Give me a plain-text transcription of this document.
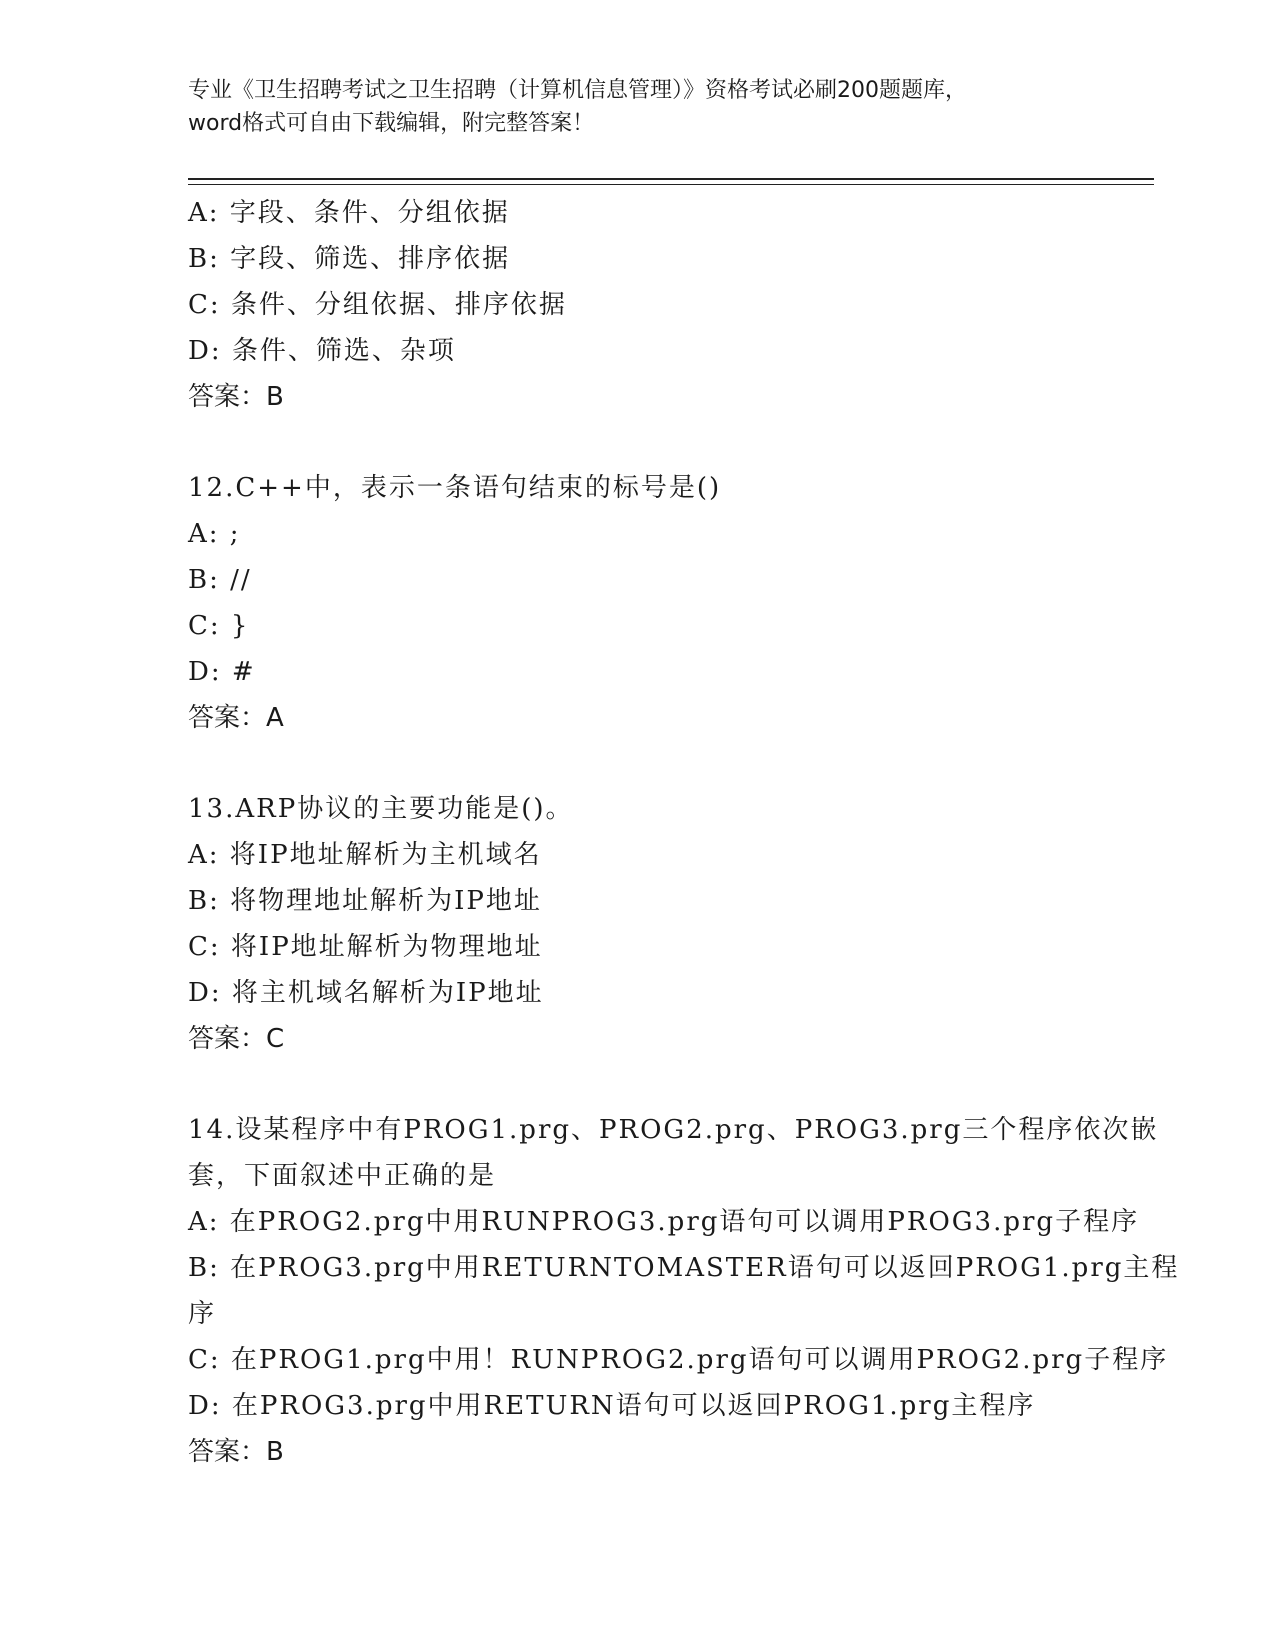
专业《卫生招聘考试之卫生招聘（计算机信息管理）》资格考试必刷200题题库，
word格式可自由下载编辑，附完整答案！
A: 字段、条件、分组依据
B: 字段、筛选、排序依据
C: 条件、分组依据、排序依据
D: 条件、筛选、杂项
答案：B
12.C++中，表示一条语句结束的标号是()
A: ;
B: //
C: }
D: #
答案：A
13.ARP协议的主要功能是()。
A: 将IP地址解析为主机域名
B: 将物理地址解析为IP地址
C: 将IP地址解析为物理地址
D: 将主机域名解析为IP地址
答案：C
14.设某程序中有PROG1.prg、PROG2.prg、PROG3.prg三个程序依次嵌
套，下面叙述中正确的是
A: 在PROG2.prg中用RUNPROG3.prg语句可以调用PROG3.prg子程序
B: 在PROG3.prg中用RETURNTOMASTER语句可以返回PROG1.prg主程
序
C: 在PROG1.prg中用！RUNPROG2.prg语句可以调用PROG2.prg子程序
D: 在PROG3.prg中用RETURN语句可以返回PROG1.prg主程序
答案：B
